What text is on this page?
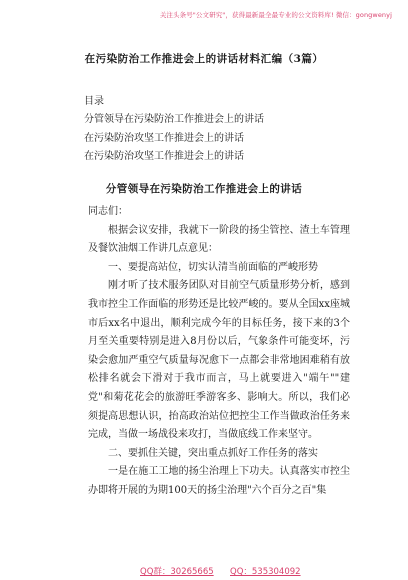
关注头条号"公文研究"，获得最新最全最专业的公文资料库! 微信：gongwenyj
在污染防治工作推进会上的讲话材料汇编（3篇）
目录
分管领导在污染防治工作推进会上的讲话
在污染防治攻坚工作推进会上的讲话
在污染防治攻坚工作推进会上的讲话
分管领导在污染防治工作推进会上的讲话

同志们：

根据会议安排，我就下一阶段的扬尘管控、渣土车管理及餐饮油烟工作讲几点意见：

一、要提高站位，切实认清当前面临的严峻形势

刚才听了技术服务团队对目前空气质量形势分析，感到我市控尘工作面临的形势还是比较严峻的。要从全国xx座城市后xx名中退出，顺利完成今年的目标任务，接下来的3个月至关重要特别是进入8月份以后，气象条件可能变坏，污染会愈加严重空气质量每况愈下一点都会非常地困难稍有放松排名就会下滑对于我市而言，马上就要进入"端午""建党"和菊花花会的旅游旺季游客多、影响大。所以，我们必须提高思想认识，抬高政治站位把控尘工作当做政治任务来完成，当做一场战役来攻打，当做底线工作来坚守。

二、要抓住关键，突出重点抓好工作任务的落实

一是在施工工地的扬尘治理上下功夫。认真落实市控尘办即将开展的为期100天的扬尘治理"六个百分之百"集

QQ群：30265665 QQ：535304092
